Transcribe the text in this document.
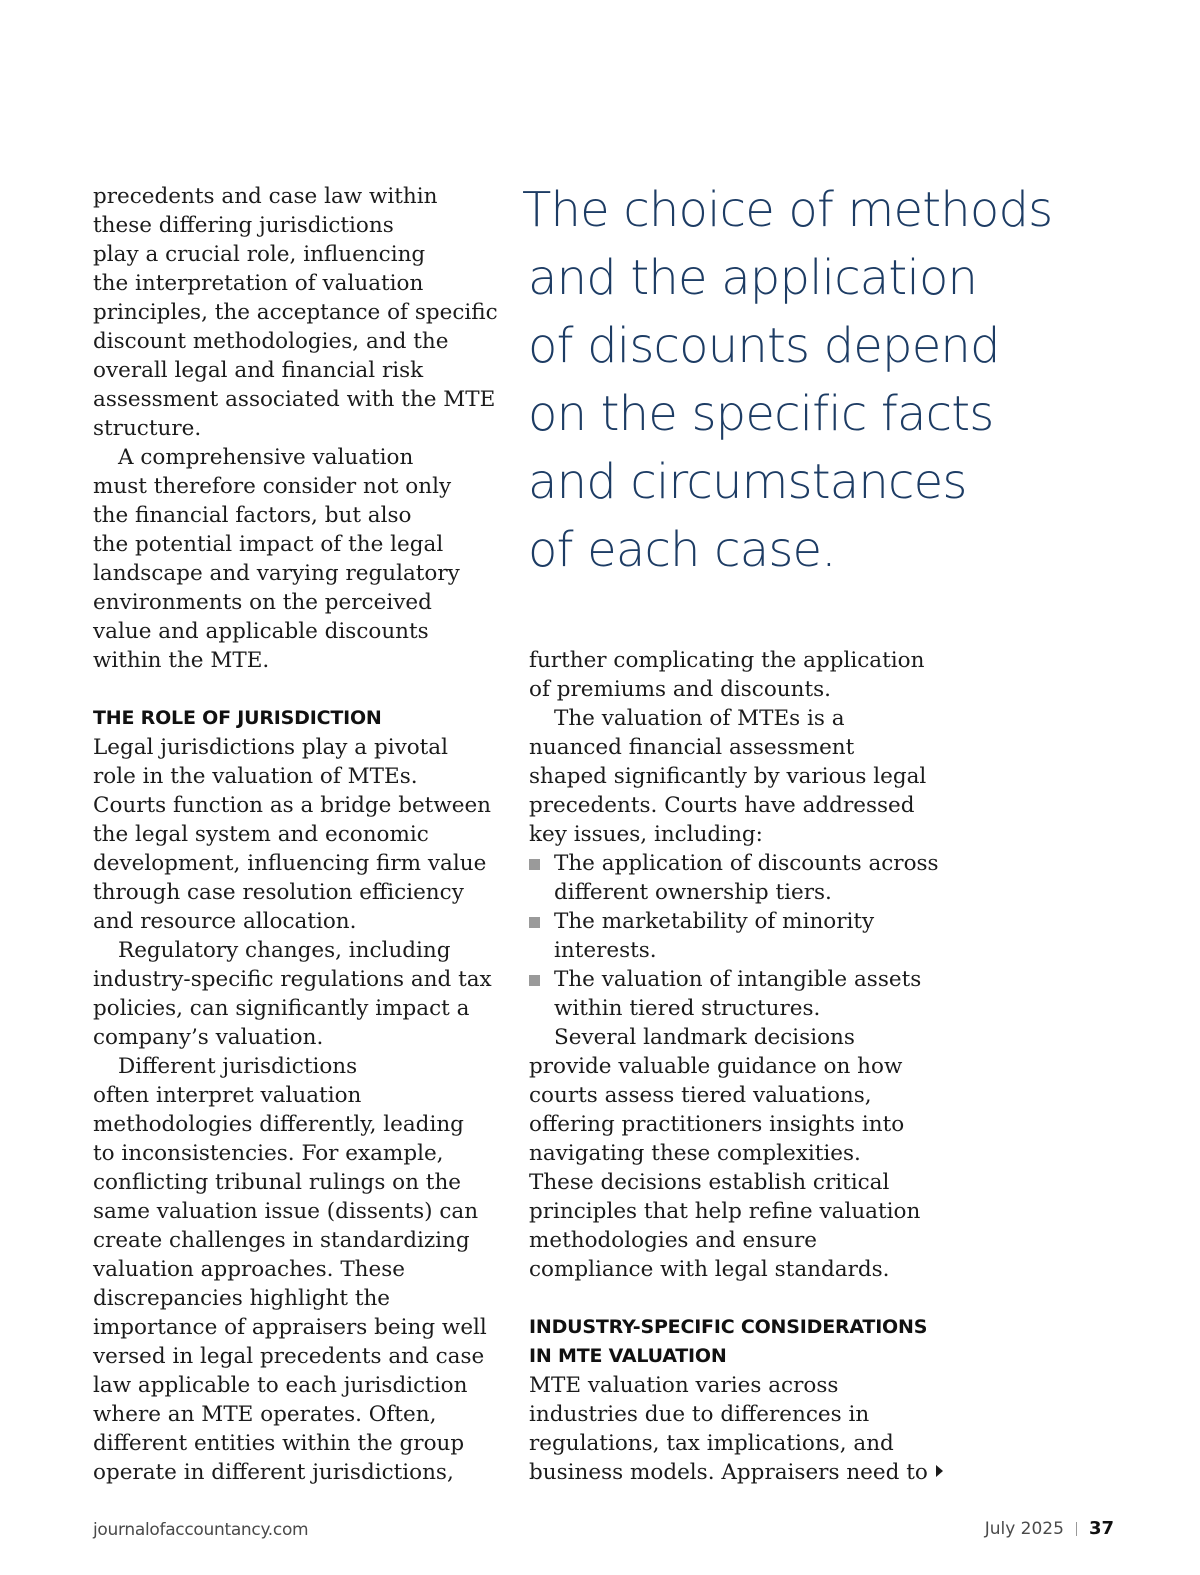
precedents and case law within
these differing jurisdictions
play a crucial role, influencing
the interpretation of valuation
principles, the acceptance of specific
discount methodologies, and the
overall legal and financial risk
assessment associated with the MTE
structure.

A comprehensive valuation
must therefore consider not only
the financial factors, but also
the potential impact of the legal
landscape and varying regulatory
environments on the perceived
value and applicable discounts
within the MTE.

THE ROLE OF JURISDICTION

Legal jurisdictions play a pivotal
role in the valuation of MTEs.
Courts function as a bridge between
the legal system and economic
development, influencing firm value
through case resolution efficiency
and resource allocation.

Regulatory changes, including
industry-specific regulations and tax
policies, can significantly impact a
company’s valuation.

Different jurisdictions
often interpret valuation
methodologies differently, leading
to inconsistencies. For example,
conflicting tribunal rulings on the
same valuation issue (dissents) can
create challenges in standardizing
valuation approaches. These
discrepancies highlight the
importance of appraisers being well
versed in legal precedents and case
law applicable to each jurisdiction
where an MTE operates. Often,
different entities within the group
operate in different jurisdictions,

The choice of methods
and the application
of discounts depend
on the specific facts
and circumstances
of each case.

further complicating the application
of premiums and discounts.

The valuation of MTEs is a
nuanced financial assessment
shaped significantly by various legal
precedents. Courts have addressed
key issues, including:

The application of discounts across
different ownership tiers.
The marketability of minority
interests.
The valuation of intangible assets
within tiered structures.

Several landmark decisions
provide valuable guidance on how
courts assess tiered valuations,
offering practitioners insights into
navigating these complexities.
These decisions establish critical
principles that help refine valuation
methodologies and ensure
compliance with legal standards.

INDUSTRY-SPECIFIC CONSIDERATIONS
IN MTE VALUATION

MTE valuation varies across
industries due to differences in
regulations, tax implications, and
business models. Appraisers need to

journalofaccountancy.com	July 2025 37
